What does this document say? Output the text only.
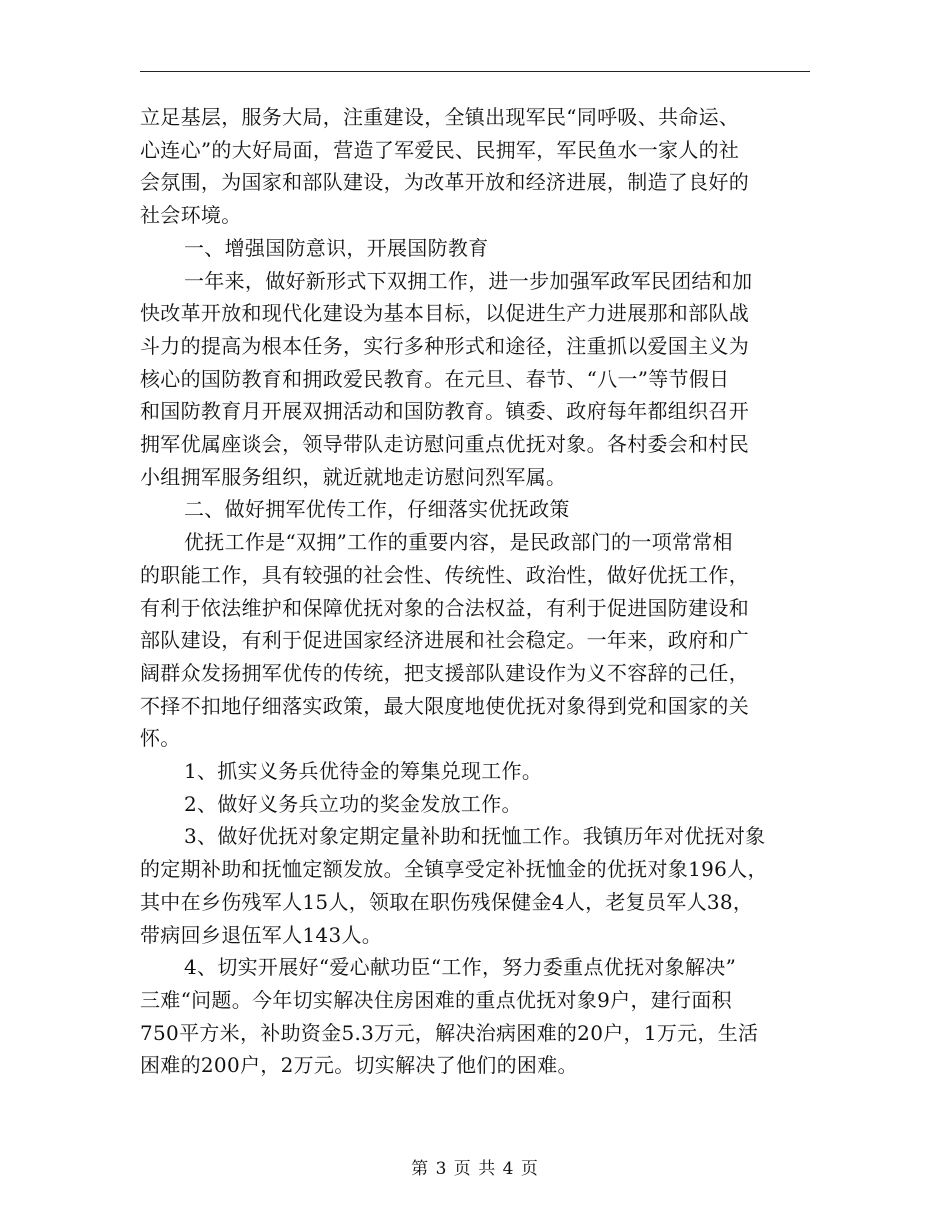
立足基层，服务大局，注重建设，全镇出现军民“同呼吸、共命运、
心连心”的大好局面，营造了军爱民、民拥军，军民鱼水一家人的社
会氛围，为国家和部队建设，为改革开放和经济进展，制造了良好的
社会环境。
一、增强国防意识，开展国防教育
一年来，做好新形式下双拥工作，进一步加强军政军民团结和加
快改革开放和现代化建设为基本目标，以促进生产力进展那和部队战
斗力的提高为根本任务，实行多种形式和途径，注重抓以爱国主义为
核心的国防教育和拥政爱民教育。在元旦、春节、“八一”等节假日
和国防教育月开展双拥活动和国防教育。镇委、政府每年都组织召开
拥军优属座谈会，领导带队走访慰问重点优抚对象。各村委会和村民
小组拥军服务组织，就近就地走访慰问烈军属。
二、做好拥军优传工作，仔细落实优抚政策
优抚工作是“双拥”工作的重要内容，是民政部门的一项常常相
的职能工作，具有较强的社会性、传统性、政治性，做好优抚工作，
有利于依法维护和保障优抚对象的合法权益，有利于促进国防建设和
部队建设，有利于促进国家经济进展和社会稳定。一年来，政府和广
阔群众发扬拥军优传的传统，把支援部队建设作为义不容辞的己任，
不择不扣地仔细落实政策，最大限度地使优抚对象得到党和国家的关
怀。
1、抓实义务兵优待金的筹集兑现工作。
2、做好义务兵立功的奖金发放工作。
3、做好优抚对象定期定量补助和抚恤工作。我镇历年对优抚对象
的定期补助和抚恤定额发放。全镇享受定补抚恤金的优抚对象196人，
其中在乡伤残军人15人，领取在职伤残保健金4人，老复员军人38，
带病回乡退伍军人143人。
4、切实开展好“爱心献功臣“工作，努力委重点优抚对象解决”
三难“问题。今年切实解决住房困难的重点优抚对象9户，建行面积
750平方米，补助资金5.3万元，解决治病困难的20户，1万元，生活
困难的200户，2万元。切实解决了他们的困难。
第 3 页 共 4 页
